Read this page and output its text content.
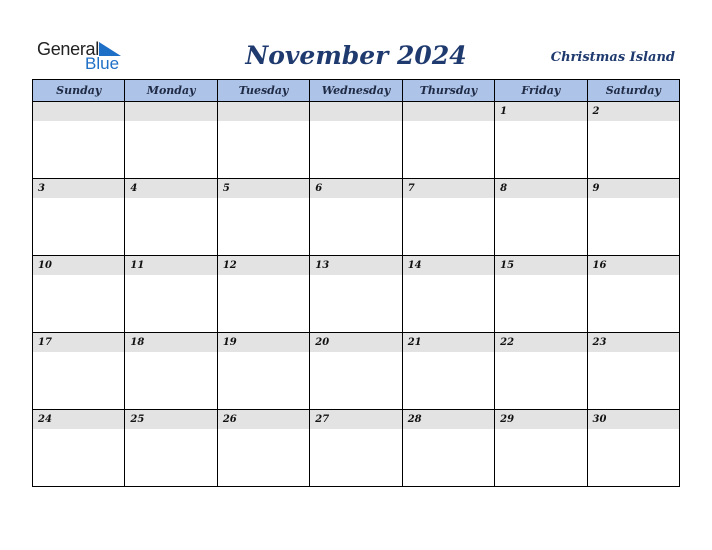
General
Blue	November 2024	Christmas Island
Sunday	Monday	Tuesday	Wednesday	Thursday	Friday	Saturday

					1	2

3	4	5	6	7	8	9

10	11	12	13	14	15	16

17	18	19	20	21	22	23

24	25	26	27	28	29	30
